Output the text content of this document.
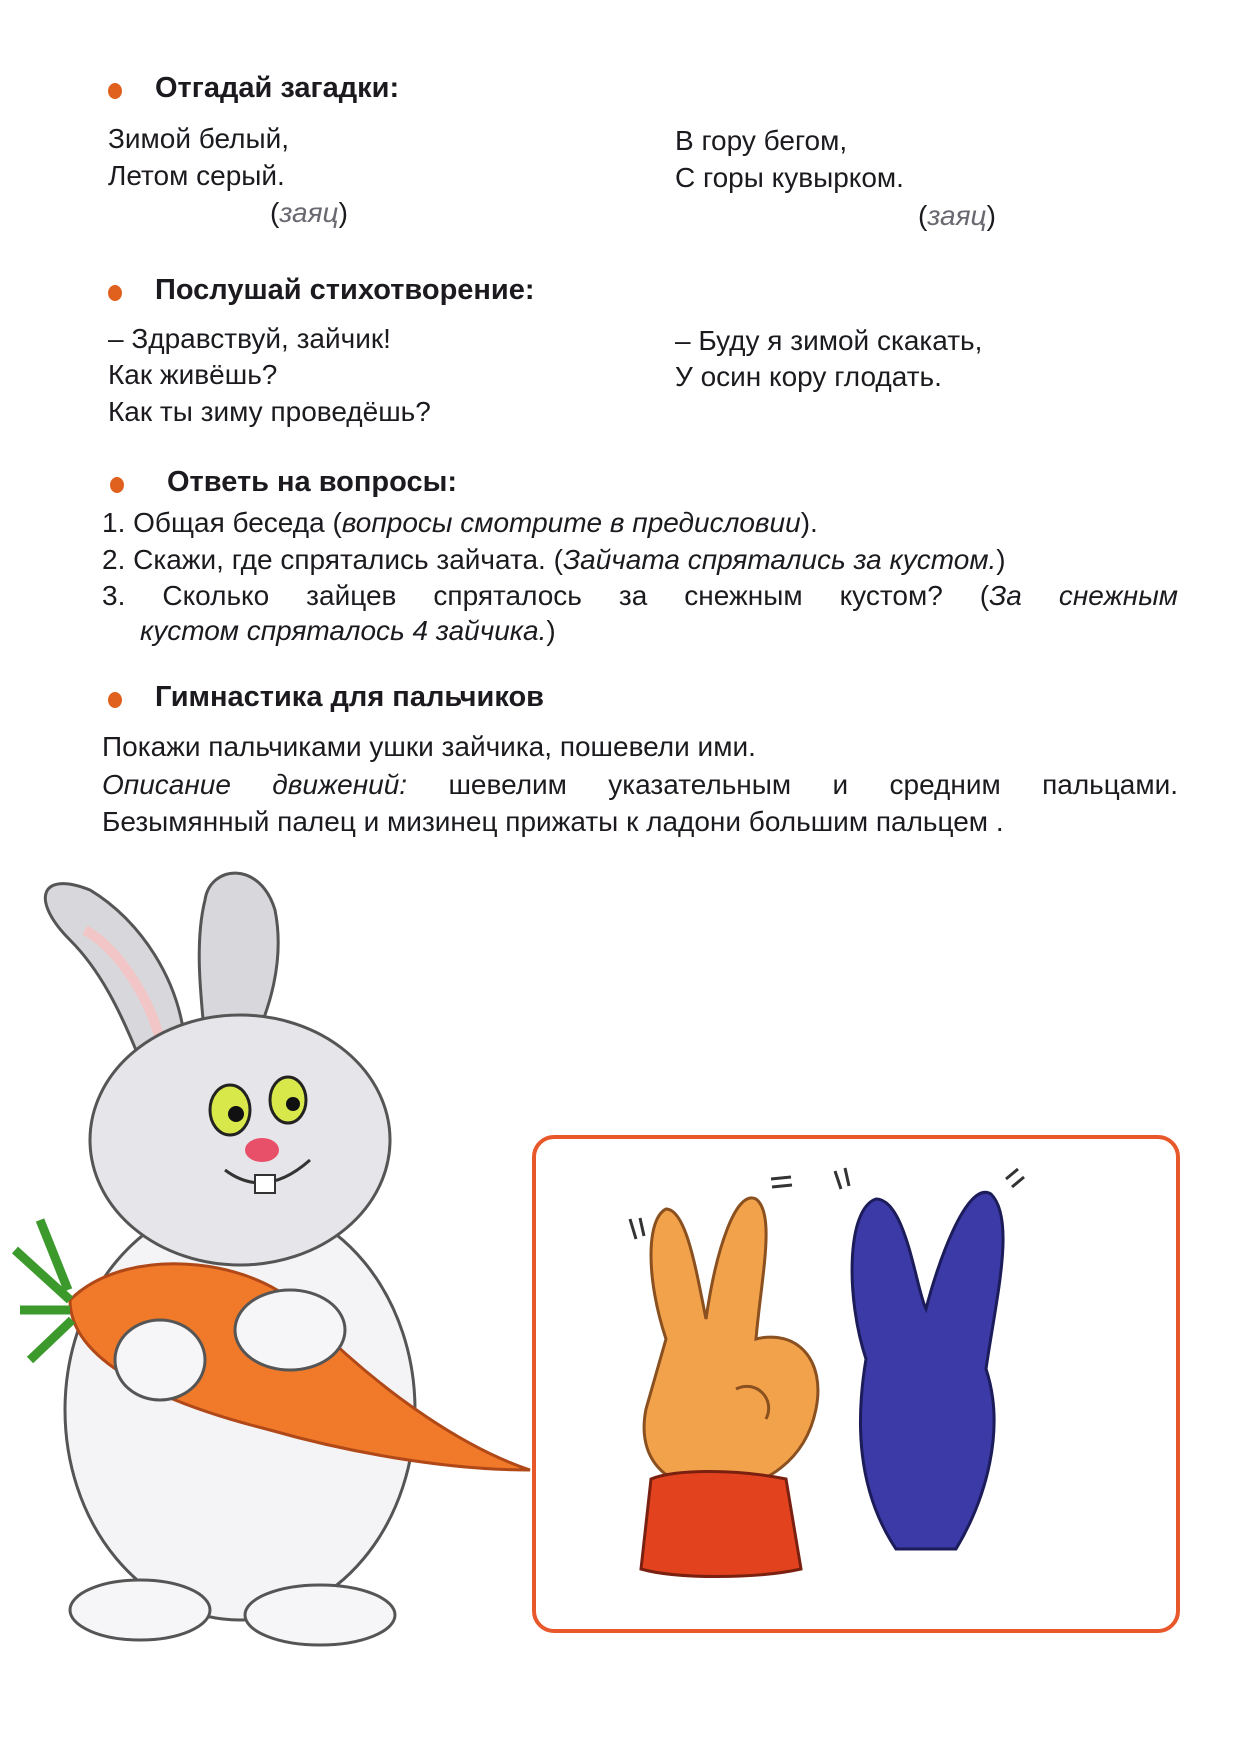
Отгадай загадки:
Зимой белый,
Летом серый.
(заяц)
В гору бегом,
С горы кувырком.
(заяц)
Послушай стихотворение:
– Здравствуй, зайчик!
Как живёшь?
Как ты зиму проведёшь?
– Буду я зимой скакать,
У осин кору глодать.
Ответь на вопросы:
1. Общая беседа (вопросы смотрите в предисловии).
2. Скажи, где спрятались зайчата. (Зайчата спрятались за кустом.)
3. Сколько зайцев спряталось за снежным кустом? (За снежным
кустом спряталось 4 зайчика.)
Гимнастика для пальчиков
Покажи пальчиками ушки зайчика, пошевели ими.
Описание движений: шевелим указательным и средним пальцами.
Безымянный палец и мизинец прижаты к ладони большим пальцем .
